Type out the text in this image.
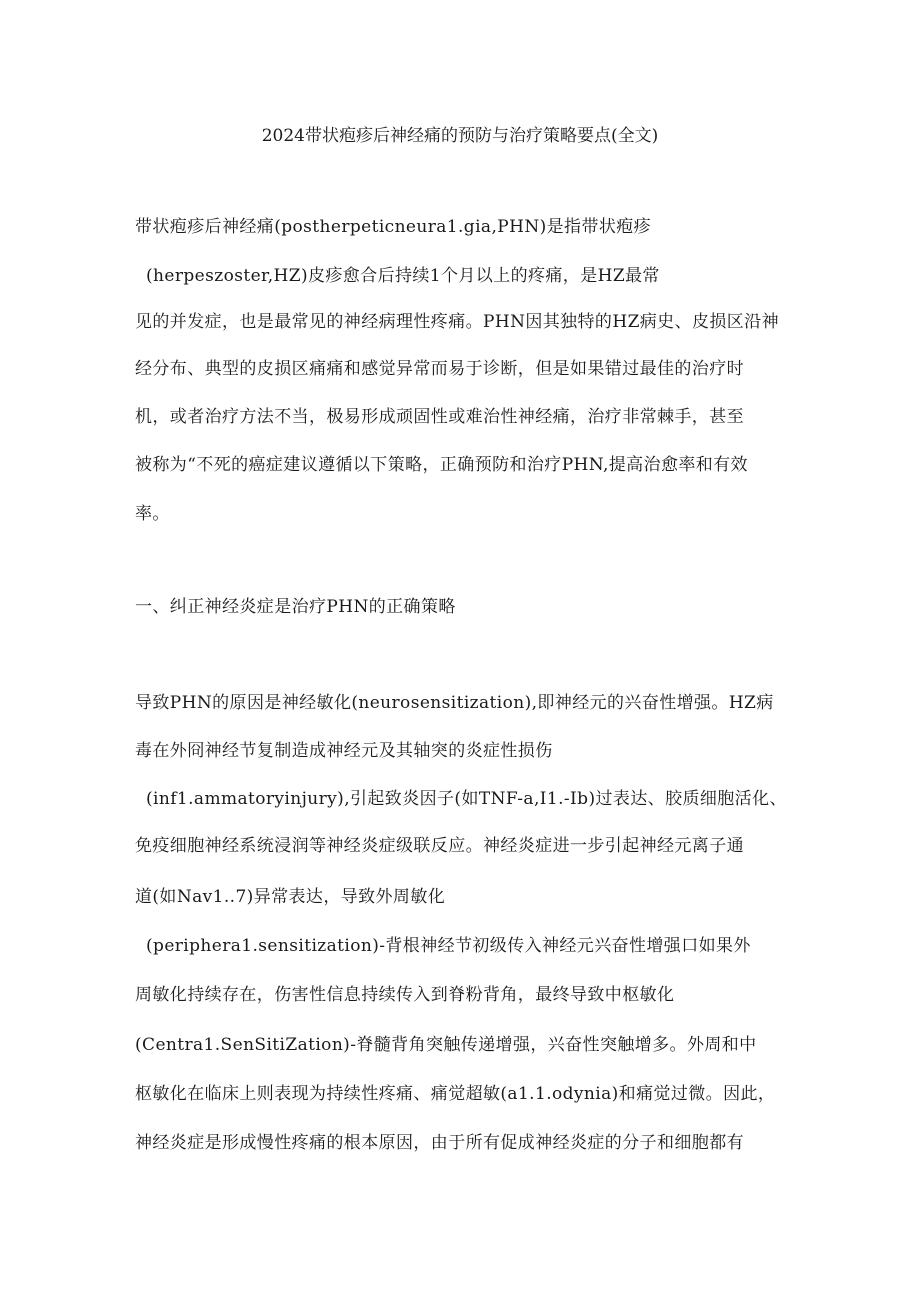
2024带状疱疹后神经痛的预防与治疗策略要点(全文)
带状疱疹后神经痛(postherpeticneura1.gia,PHN)是指带状疱疹
(herpeszoster,HZ)皮疹愈合后持续1个月以上的疼痛，是HZ最常
见的并发症，也是最常见的神经病理性疼痛。PHN因其独特的HZ病史、皮损区沿神
经分布、典型的皮损区痛痛和感觉异常而易于诊断，但是如果错过最佳的治疗时
机，或者治疗方法不当，极易形成顽固性或难治性神经痛，治疗非常棘手，甚至
被称为“不死的癌症建议遵循以下策略，正确预防和治疗PHN,提高治愈率和有效
率。
一、纠正神经炎症是治疗PHN的正确策略
导致PHN的原因是神经敏化(neurosensitization),即神经元的兴奋性增强。HZ病
毒在外冏神经节复制造成神经元及其轴突的炎症性损伤
(inf1.ammatoryinjury),引起致炎因子(如TNF-a,I1.-Ib)过表达、胶质细胞活化、
免疫细胞神经系统浸润等神经炎症级联反应。神经炎症进一步引起神经元离子通
道(如Nav1..7)异常表达，导致外周敏化
(periphera1.sensitization)-背根神经节初级传入神经元兴奋性增强口如果外
周敏化持续存在，伤害性信息持续传入到脊粉背角，最终导致中枢敏化
(Centra1.SenSitiZation)-脊髓背角突触传递增强，兴奋性突触增多。外周和中
枢敏化在临床上则表现为持续性疼痛、痛觉超敏(a1.1.odynia)和痛觉过微。因此，
神经炎症是形成慢性疼痛的根本原因，由于所有促成神经炎症的分子和细胞都有
